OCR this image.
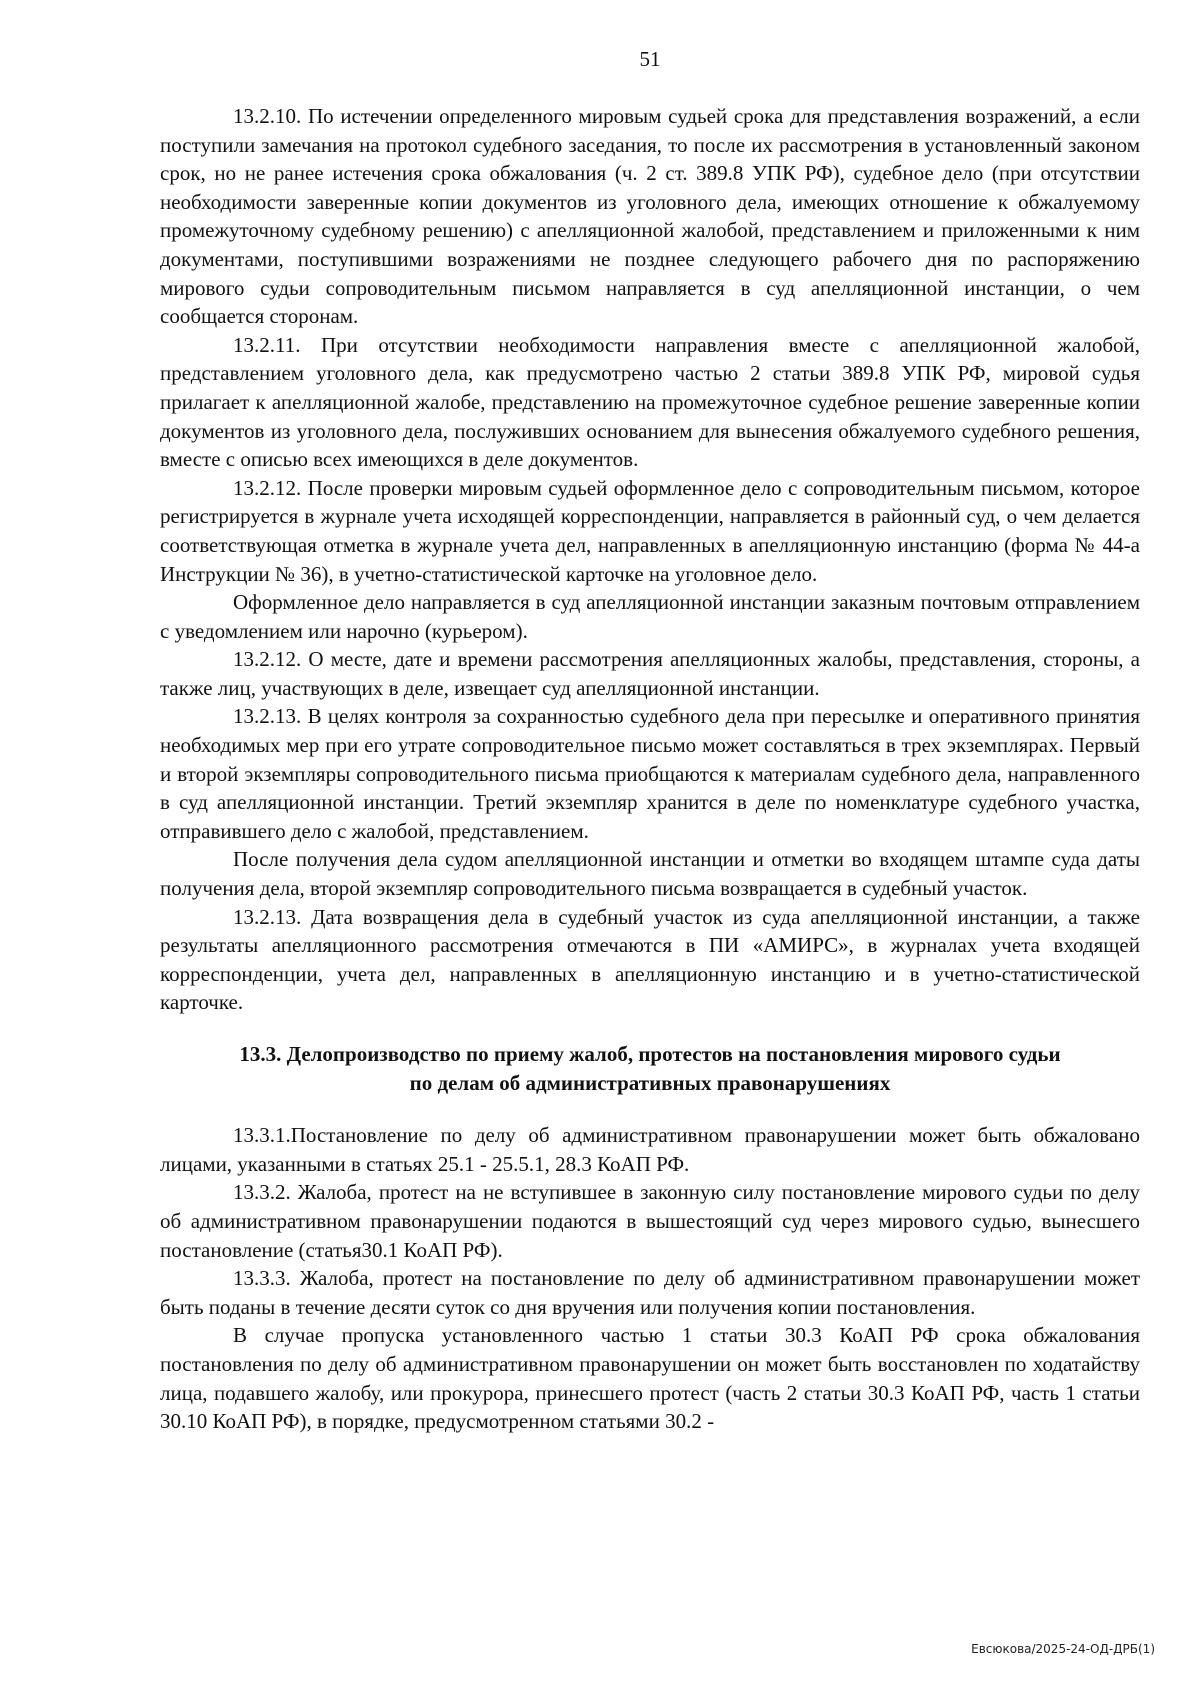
51

13.2.10. По истечении определенного мировым судьей срока для представления возражений, а если поступили замечания на протокол судебного заседания, то после их рассмотрения в установленный законом срок, но не ранее истечения срока обжалования (ч. 2 ст. 389.8 УПК РФ), судебное дело (при отсутствии необходимости заверенные копии документов из уголовного дела, имеющих отношение к обжалуемому промежуточному судебному решению) с апелляционной жалобой, представлением и приложенными к ним документами, поступившими возражениями не позднее следующего рабочего дня по распоряжению мирового судьи сопроводительным письмом направляется в суд апелляционной инстанции, о чем сообщается сторонам.

13.2.11. При отсутствии необходимости направления вместе с апелляционной жалобой, представлением уголовного дела, как предусмотрено частью 2 статьи 389.8 УПК РФ, мировой судья прилагает к апелляционной жалобе, представлению на промежуточное судебное решение заверенные копии документов из уголовного дела, послуживших основанием для вынесения обжалуемого судебного решения, вместе с описью всех имеющихся в деле документов.

13.2.12. После проверки мировым судьей оформленное дело с сопроводительным письмом, которое регистрируется в журнале учета исходящей корреспонденции, направляется в районный суд, о чем делается соответствующая отметка в журнале учета дел, направленных в апелляционную инстанцию (форма № 44-а Инструкции № 36), в учетно-статистической карточке на уголовное дело.

Оформленное дело направляется в суд апелляционной инстанции заказным почтовым отправлением с уведомлением или нарочно (курьером).

13.2.12. О месте, дате и времени рассмотрения апелляционных жалобы, представления, стороны, а также лиц, участвующих в деле, извещает суд апелляционной инстанции.

13.2.13. В целях контроля за сохранностью судебного дела при пересылке и оперативного принятия необходимых мер при его утрате сопроводительное письмо может составляться в трех экземплярах. Первый и второй экземпляры сопроводительного письма приобщаются к материалам судебного дела, направленного в суд апелляционной инстанции. Третий экземпляр хранится в деле по номенклатуре судебного участка, отправившего дело с жалобой, представлением.

После получения дела судом апелляционной инстанции и отметки во входящем штампе суда даты получения дела, второй экземпляр сопроводительного письма возвращается в судебный участок.

13.2.13. Дата возвращения дела в судебный участок из суда апелляционной инстанции, а также результаты апелляционного рассмотрения отмечаются в ПИ «АМИРС», в журналах учета входящей корреспонденции, учета дел, направленных в апелляционную инстанцию и в учетно-статистической карточке.

13.3. Делопроизводство по приему жалоб, протестов на постановления мирового судьи
по делам об административных правонарушениях

13.3.1.Постановление по делу об административном правонарушении может быть обжаловано лицами, указанными в статьях 25.1 - 25.5.1, 28.3 КоАП РФ.

13.3.2. Жалоба, протест на не вступившее в законную силу постановление мирового судьи по делу об административном правонарушении подаются в вышестоящий суд через мирового судью, вынесшего постановление (статья30.1 КоАП РФ).

13.3.3. Жалоба, протест на постановление по делу об административном правонарушении может быть поданы в течение десяти суток со дня вручения или получения копии постановления.

В случае пропуска установленного частью 1 статьи 30.3 КоАП РФ срока обжалования постановления по делу об административном правонарушении он может быть восстановлен по ходатайству лица, подавшего жалобу, или прокурора, принесшего протест (часть 2 статьи 30.3 КоАП РФ, часть 1 статьи 30.10 КоАП РФ), в порядке, предусмотренном статьями 30.2 -

Евсюкова/2025-24-ОД-ДРБ(1)
